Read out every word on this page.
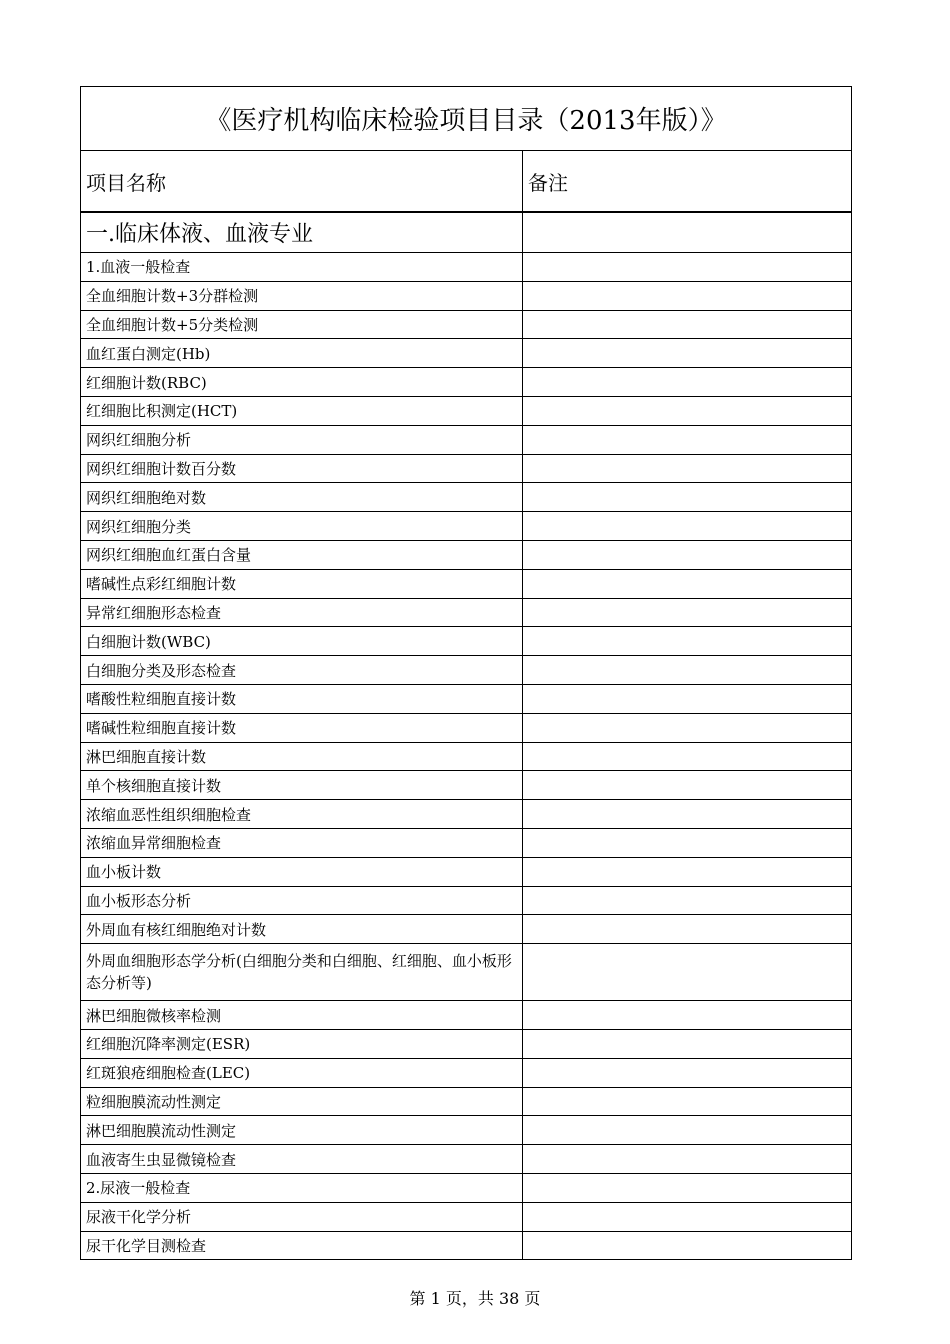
《医疗机构临床检验项目目录（2013年版）》	
项目名称	备注
一.临床体液、血液专业	
1.血液一般检查	
全血细胞计数+3分群检测	
全血细胞计数+5分类检测	
血红蛋白测定(Hb)	
红细胞计数(RBC)	
红细胞比积测定(HCT)	
网织红细胞分析	
网织红细胞计数百分数	
网织红细胞绝对数	
网织红细胞分类	
网织红细胞血红蛋白含量	
嗜碱性点彩红细胞计数	
异常红细胞形态检查	
白细胞计数(WBC)	
白细胞分类及形态检查	
嗜酸性粒细胞直接计数	
嗜碱性粒细胞直接计数	
淋巴细胞直接计数	
单个核细胞直接计数	
浓缩血恶性组织细胞检查	
浓缩血异常细胞检查	
血小板计数	
血小板形态分析	
外周血有核红细胞绝对计数	
外周血细胞形态学分析(白细胞分类和白细胞、红细胞、血小板形态分析等)	
淋巴细胞微核率检测	
红细胞沉降率测定(ESR)	
红斑狼疮细胞检查(LEC)	
粒细胞膜流动性测定	
淋巴细胞膜流动性测定	
血液寄生虫显微镜检查	
2.尿液一般检查	
尿液干化学分析	
尿干化学目测检查	
第 1 页，共 38 页
